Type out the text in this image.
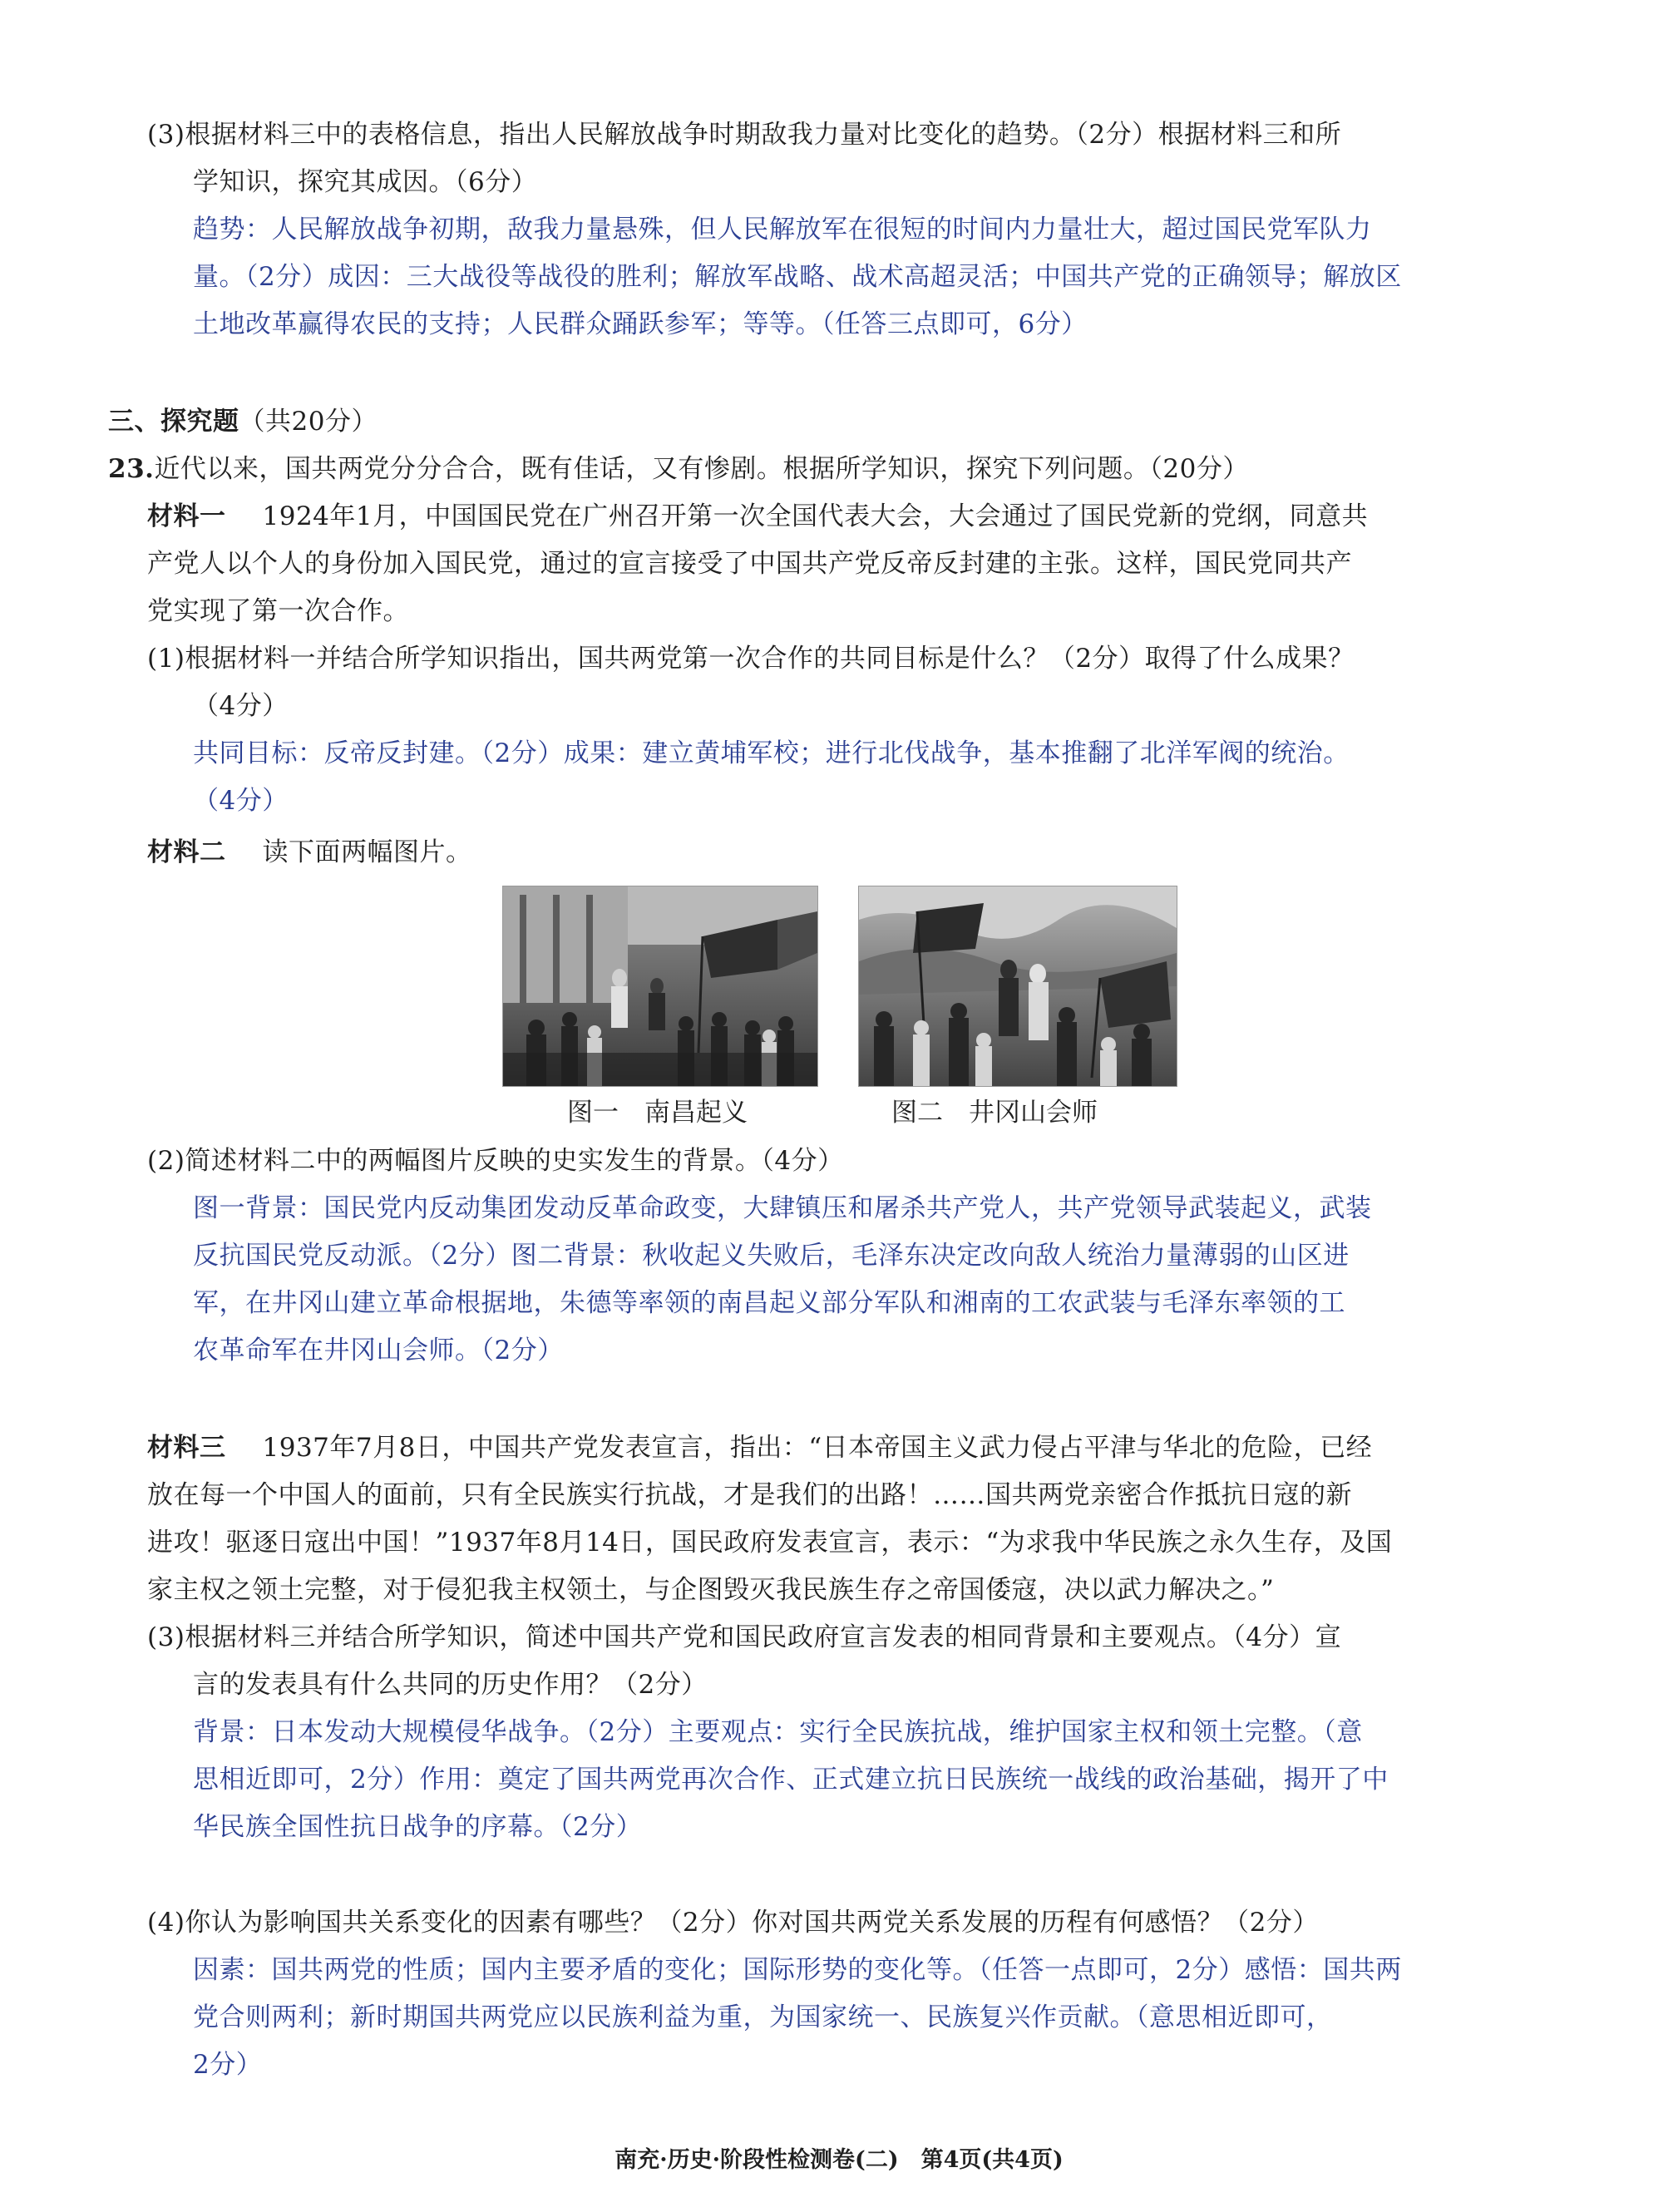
(3)根据材料三中的表格信息，指出人民解放战争时期敌我力量对比变化的趋势。（2分）根据材料三和所
学知识，探究其成因。（6分）
趋势：人民解放战争初期，敌我力量悬殊，但人民解放军在很短的时间内力量壮大，超过国民党军队力
量。（2分）成因：三大战役等战役的胜利；解放军战略、战术高超灵活；中国共产党的正确领导；解放区
土地改革赢得农民的支持；人民群众踊跃参军；等等。（任答三点即可，6分）
三、探究题（共20分）
23.近代以来，国共两党分分合合，既有佳话，又有惨剧。根据所学知识，探究下列问题。（20分）
材料一 1924年1月，中国国民党在广州召开第一次全国代表大会，大会通过了国民党新的党纲，同意共
产党人以个人的身份加入国民党，通过的宣言接受了中国共产党反帝反封建的主张。这样，国民党同共产
党实现了第一次合作。
(1)根据材料一并结合所学知识指出，国共两党第一次合作的共同目标是什么？（2分）取得了什么成果？
（4分）
共同目标：反帝反封建。（2分）成果：建立黄埔军校；进行北伐战争，基本推翻了北洋军阀的统治。
（4分）
材料二 读下面两幅图片。
图一　南昌起义	图二　井冈山会师
(2)简述材料二中的两幅图片反映的史实发生的背景。（4分）
图一背景：国民党内反动集团发动反革命政变，大肆镇压和屠杀共产党人，共产党领导武装起义，武装
反抗国民党反动派。（2分）图二背景：秋收起义失败后，毛泽东决定改向敌人统治力量薄弱的山区进
军，在井冈山建立革命根据地，朱德等率领的南昌起义部分军队和湘南的工农武装与毛泽东率领的工
农革命军在井冈山会师。（2分）
材料三 1937年7月8日，中国共产党发表宣言，指出：“日本帝国主义武力侵占平津与华北的危险，已经
放在每一个中国人的面前，只有全民族实行抗战，才是我们的出路！……国共两党亲密合作抵抗日寇的新
进攻！驱逐日寇出中国！”1937年8月14日，国民政府发表宣言，表示：“为求我中华民族之永久生存，及国
家主权之领土完整，对于侵犯我主权领土，与企图毁灭我民族生存之帝国倭寇，决以武力解决之。”
(3)根据材料三并结合所学知识，简述中国共产党和国民政府宣言发表的相同背景和主要观点。（4分）宣
言的发表具有什么共同的历史作用？（2分）
背景：日本发动大规模侵华战争。（2分）主要观点：实行全民族抗战，维护国家主权和领土完整。（意
思相近即可，2分）作用：奠定了国共两党再次合作、正式建立抗日民族统一战线的政治基础，揭开了中
华民族全国性抗日战争的序幕。（2分）
(4)你认为影响国共关系变化的因素有哪些？（2分）你对国共两党关系发展的历程有何感悟？（2分）
因素：国共两党的性质；国内主要矛盾的变化；国际形势的变化等。（任答一点即可，2分）感悟：国共两
党合则两利；新时期国共两党应以民族利益为重，为国家统一、民族复兴作贡献。（意思相近即可，
2分）
南充·历史·阶段性检测卷(二)　第4页(共4页)
